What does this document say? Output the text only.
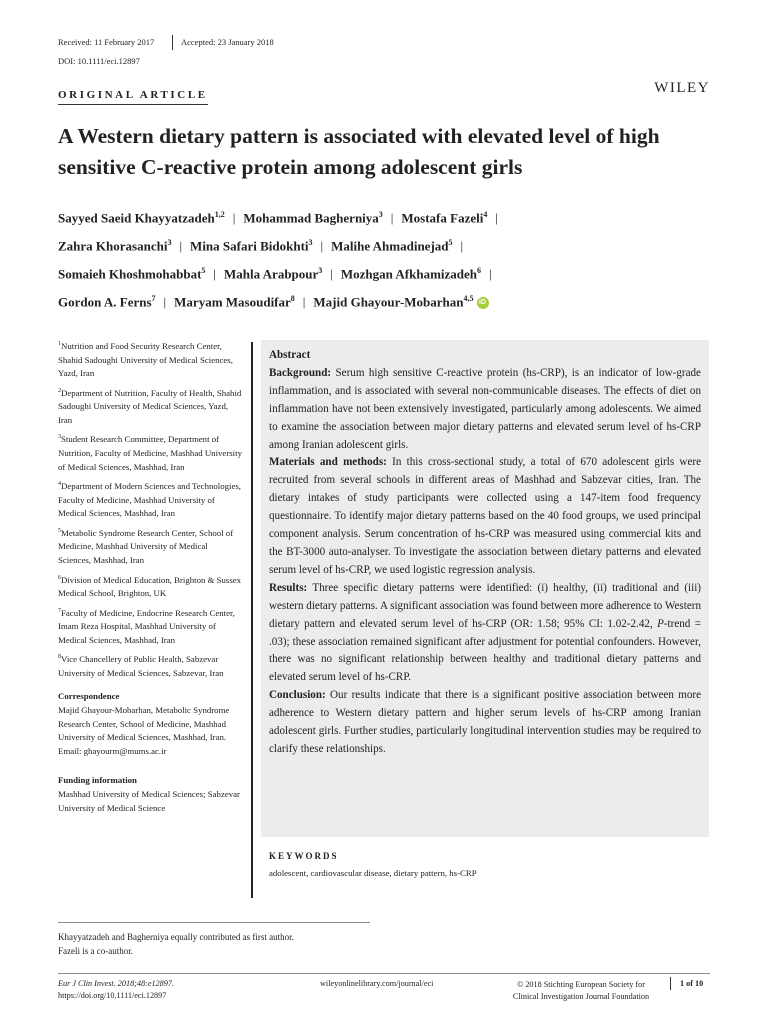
Received: 11 February 2017	Accepted: 23 January 2018
DOI: 10.1111/eci.12897
ORIGINAL ARTICLE	WILEY
A Western dietary pattern is associated with elevated level of high sensitive C-reactive protein among adolescent girls
Sayyed Saeid Khayyatzadeh$^{1,2}$ | Mohammad Bagherniya$^3$ | Mostafa Fazeli$^4$ |
Zahra Khorasanchi$^3$ | Mina Safari Bidokhti$^3$ | Malihe Ahmadinejad$^5$ |
Somaieh Khoshmohabbat$^5$ | Mahla Arabpour$^3$ | Mozhgan Afkhamizadeh$^6$ |
Gordon A. Ferns$^7$ | Maryam Masoudifar$^8$ | Majid Ghayour-Mobarhan$^{4,5}$ iD

$^1$Nutrition and Food Security Research Center, Shahid Sadoughi University of Medical Sciences, Yazd, Iran

$^2$Department of Nutrition, Faculty of Health, Shahid Sadoughi University of Medical Sciences, Yazd, Iran

$^3$Student Research Committee, Department of Nutrition, Faculty of Medicine, Mashhad University of Medical Sciences, Mashhad, Iran

$^4$Department of Modern Sciences and Technologies, Faculty of Medicine, Mashhad University of Medical Sciences, Mashhad, Iran

$^5$Metabolic Syndrome Research Center, School of Medicine, Mashhad University of Medical Sciences, Mashhad, Iran

$^6$Division of Medical Education, Brighton & Sussex Medical School, Brighton, UK

$^7$Faculty of Medicine, Endocrine Research Center, Imam Reza Hospital, Mashhad University of Medical Sciences, Mashhad, Iran

$^8$Vice Chancellery of Public Health, Sabzevar University of Medical Sciences, Sabzevar, Iran

Correspondence
Majid Ghayour-Mobarhan, Metabolic Syndrome Research Center, School of Medicine, Mashhad University of Medical Sciences, Mashhad, Iran.
Email: ghayourm@mums.ac.ir

Funding information
Mashhad University of Medical Sciences; Sabzevar University of Medical Science

Abstract

Background: Serum high sensitive C-reactive protein (hs-CRP), is an indicator of low-grade inflammation, and is associated with several non-communicable diseases. The effects of diet on inflammation have not been extensively investigated, particularly among adolescents. We aimed to examine the association between major dietary patterns and elevated serum level of hs-CRP among Iranian adolescent girls.

Materials and methods: In this cross-sectional study, a total of 670 adolescent girls were recruited from several schools in different areas of Mashhad and Sabzevar cities, Iran. The dietary intakes of study participants were collected using a 147-item food frequency questionnaire. To identify major dietary patterns based on the 40 food groups, we used principal component analysis. Serum concentration of hs-CRP was measured using commercial kits and the BT-3000 auto-analyser. To investigate the association between dietary patterns and elevated serum level of hs-CRP, we used logistic regression analysis.

Results: Three specific dietary patterns were identified: (i) healthy, (ii) traditional and (iii) western dietary patterns. A significant association was found between more adherence to Western dietary pattern and elevated serum level of hs-CRP (OR: 1.58; 95% CI: 1.02-2.42, P-trend = .03); these association remained significant after adjustment for potential confounders. However, there was no significant relationship between healthy and traditional dietary patterns and elevated serum level of hs-CRP.

Conclusion: Our results indicate that there is a significant positive association between more adherence to Western dietary pattern and higher serum levels of hs-CRP among Iranian adolescent girls. Further studies, particularly longitudinal intervention studies may be required to clarify these relationships.

KEYWORDS
adolescent, cardiovascular disease, dietary pattern, hs-CRP
Khayyatzadeh and Bagherniya equally contributed as first author.
Fazeli is a co-author.
Eur J Clin Invest. 2018;48:e12897.
https://doi.org/10.1111/eci.12897
wileyonlinelibrary.com/journal/eci	© 2018 Stichting European Society for
Clinical Investigation Journal Foundation
1 of 10
